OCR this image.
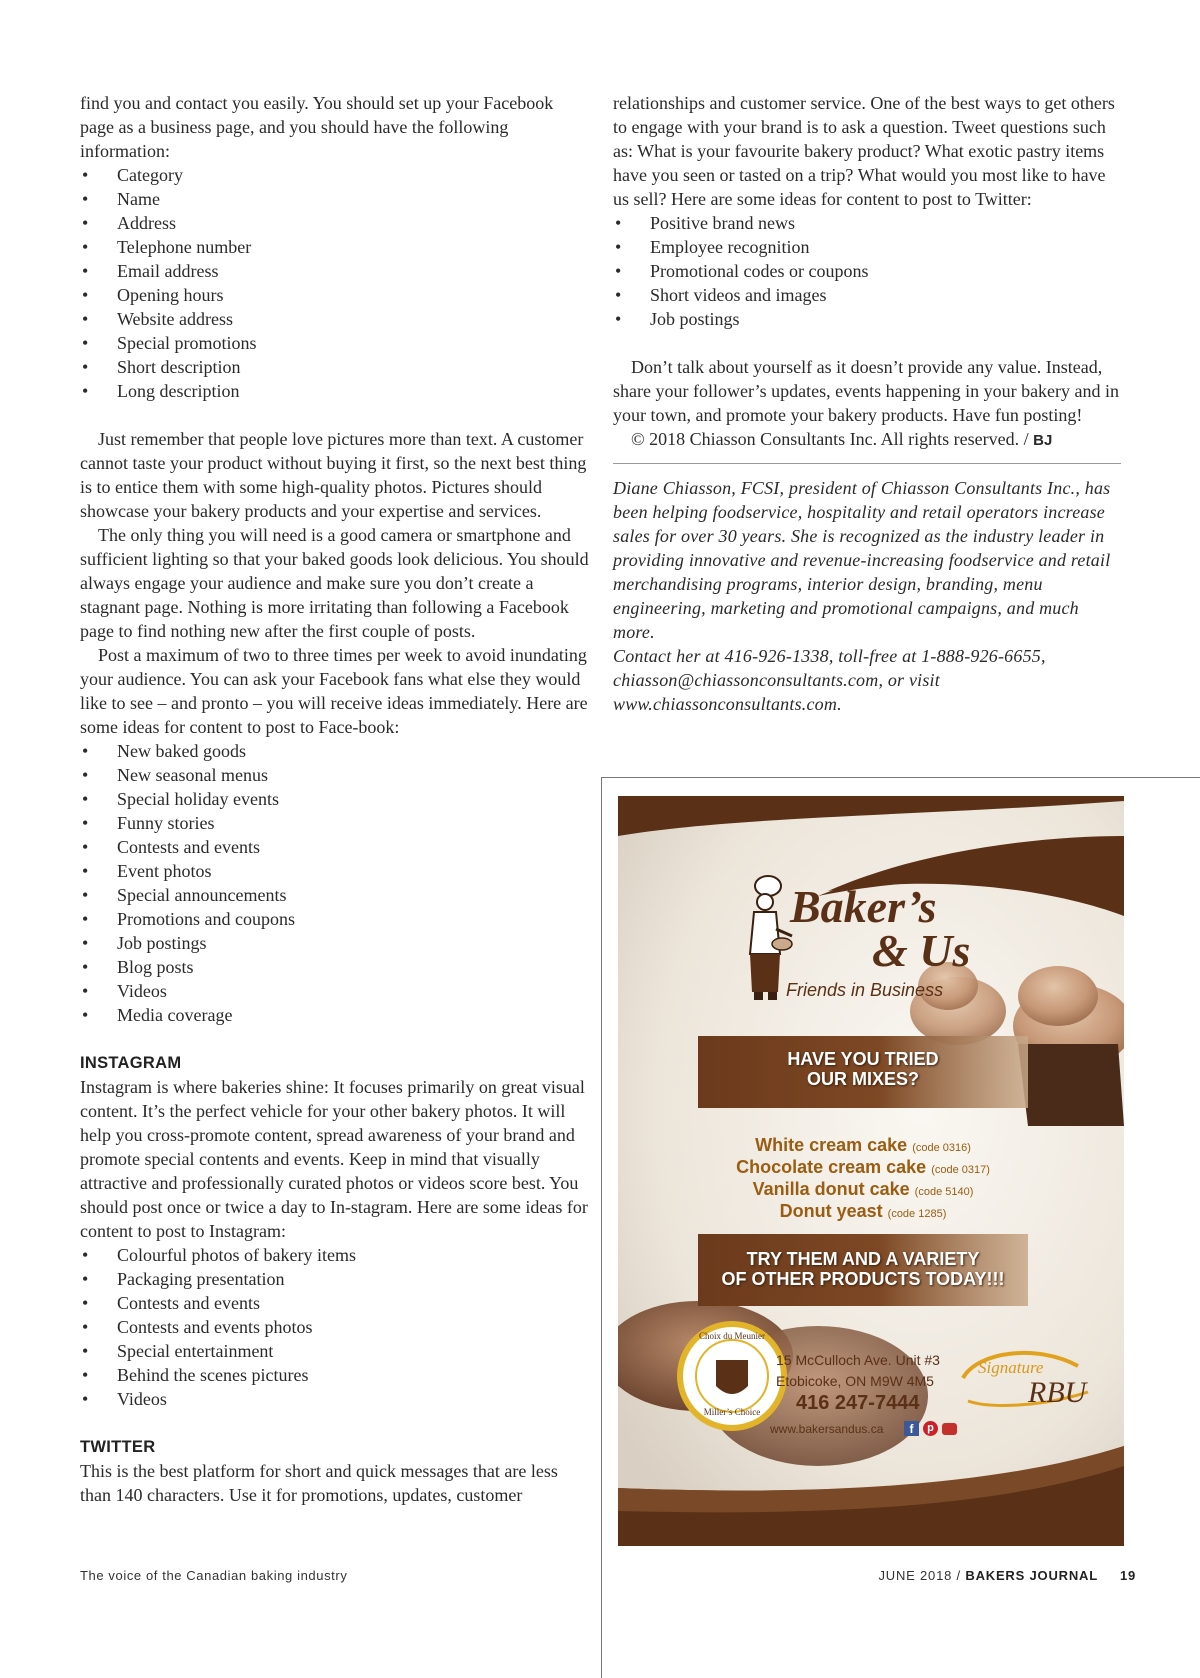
find you and contact you easily. You should set up your Facebook page as a business page, and you should have the following information:

• Category
• Name
• Address
• Telephone number
• Email address
• Opening hours
• Website address
• Special promotions
• Short description
• Long description

Just remember that people love pictures more than text. A customer cannot taste your product without buying it first, so the next best thing is to entice them with some high-quality photos. Pictures should showcase your bakery products and your expertise and services.

The only thing you will need is a good camera or smartphone and sufficient lighting so that your baked goods look delicious. You should always engage your audience and make sure you don’t create a stagnant page. Nothing is more irritating than following a Facebook page to find nothing new after the first couple of posts.

Post a maximum of two to three times per week to avoid inundating your audience. You can ask your Facebook fans what else they would like to see – and pronto – you will receive ideas immediately. Here are some ideas for content to post to Face-book:

• New baked goods
• New seasonal menus
• Special holiday events
• Funny stories
• Contests and events
• Event photos
• Special announcements
• Promotions and coupons
• Job postings
• Blog posts
• Videos
• Media coverage

INSTAGRAM

Instagram is where bakeries shine: It focuses primarily on great visual content. It’s the perfect vehicle for your other bakery photos. It will help you cross-promote content, spread awareness of your brand and promote special contents and events. Keep in mind that visually attractive and professionally curated photos or videos score best. You should post once or twice a day to In-stagram. Here are some ideas for content to post to Instagram:

• Colourful photos of bakery items
• Packaging presentation
• Contests and events
• Contests and events photos
• Special entertainment
• Behind the scenes pictures
• Videos

TWITTER

This is the best platform for short and quick messages that are less than 140 characters. Use it for promotions, updates, customer

relationships and customer service. One of the best ways to get others to engage with your brand is to ask a question. Tweet questions such as: What is your favourite bakery product? What exotic pastry items have you seen or tasted on a trip? What would you most like to have us sell? Here are some ideas for content to post to Twitter:

• Positive brand news
• Employee recognition
• Promotional codes or coupons
• Short videos and images
• Job postings

Don’t talk about yourself as it doesn’t provide any value. Instead, share your follower’s updates, events happening in your bakery and in your town, and promote your bakery products. Have fun posting!

© 2018 Chiasson Consultants Inc. All rights reserved. / BJ

Diane Chiasson, FCSI, president of Chiasson Consultants Inc., has been helping foodservice, hospitality and retail operators increase sales for over 30 years. She is recognized as the industry leader in providing innovative and revenue-increasing foodservice and retail merchandising programs, interior design, branding, menu engineering, marketing and promotional campaigns, and much more.

Contact her at 416-926-1338, toll-free at 1-888-926-6655, chiasson@chiassonconsultants.com, or visit www.chiassonconsultants.com.

Baker’s
& Us
Friends in Business
HAVE YOU TRIED
OUR MIXES?
White cream cake (code 0316)
Chocolate cream cake (code 0317)
Vanilla donut cake (code 5140)
Donut yeast (code 1285)
TRY THEM AND A VARIETY
OF OTHER PRODUCTS TODAY!!!
Choix du Meunier
Miller’s Choice
15 McCulloch Ave. Unit #3
Etobicoke, ON M9W 4M5
416 247-7444
www.bakersandus.ca	f	p
Signature
RBU
The voice of the Canadian baking industry	JUNE 2018 / BAKERS JOURNAL 19
